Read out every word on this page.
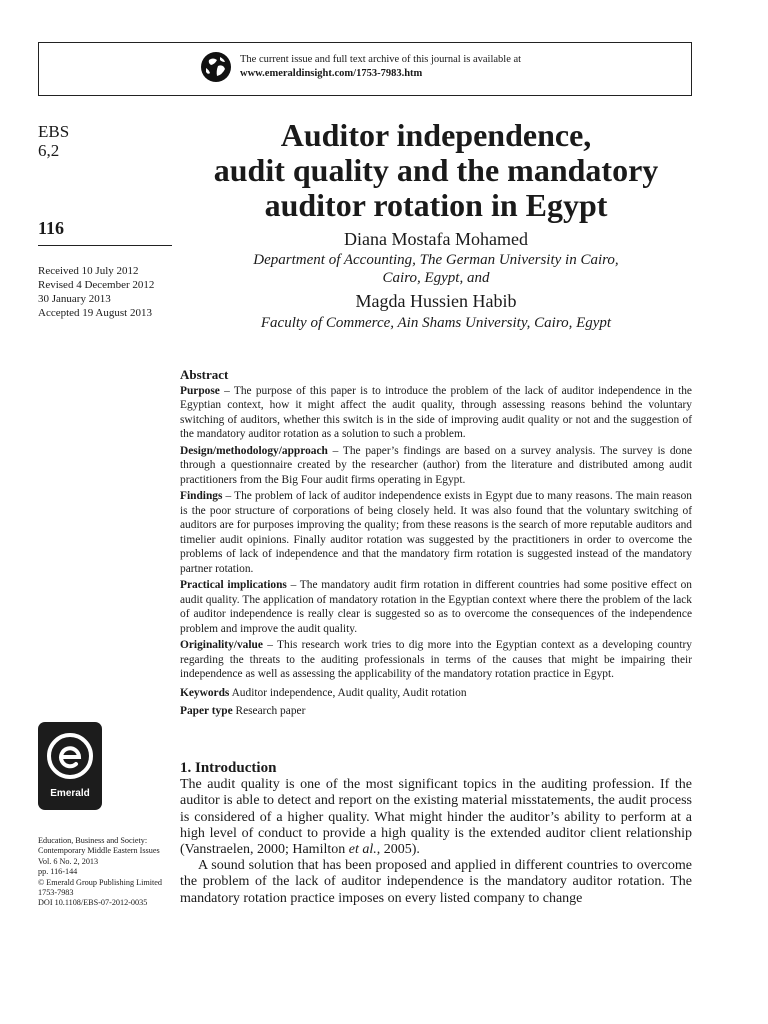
The current issue and full text archive of this journal is available at
www.emeraldinsight.com/1753-7983.htm
EBS
6,2
116
Received 10 July 2012
Revised 4 December 2012
30 January 2013
Accepted 19 August 2013
Auditor independence,
audit quality and the mandatory
auditor rotation in Egypt
Diana Mostafa Mohamed
Department of Accounting, The German University in Cairo,
Cairo, Egypt, and
Magda Hussien Habib
Faculty of Commerce, Ain Shams University, Cairo, Egypt
Abstract

Purpose – The purpose of this paper is to introduce the problem of the lack of auditor independence in the Egyptian context, how it might affect the audit quality, through assessing reasons behind the voluntary switching of auditors, whether this switch is in the side of improving audit quality or not and the suggestion of the mandatory auditor rotation as a solution to such a problem.

Design/methodology/approach – The paper’s findings are based on a survey analysis. The survey is done through a questionnaire created by the researcher (author) from the literature and distributed among audit practitioners from the Big Four audit firms operating in Egypt.

Findings – The problem of lack of auditor independence exists in Egypt due to many reasons. The main reason is the poor structure of corporations of being closely held. It was also found that the voluntary switching of auditors are for purposes improving the quality; from these reasons is the search of more reputable auditors and timelier audit opinions. Finally auditor rotation was suggested by the practitioners in order to overcome the problems of lack of independence and that the mandatory firm rotation is suggested instead of the mandatory partner rotation.

Practical implications – The mandatory audit firm rotation in different countries had some positive effect on audit quality. The application of mandatory rotation in the Egyptian context where there the problem of the lack of auditor independence is really clear is suggested so as to overcome the consequences of the independence problem and improve the audit quality.

Originality/value – This research work tries to dig more into the Egyptian context as a developing country regarding the threats to the auditing professionals in terms of the causes that might be impairing their independence as well as assessing the applicability of the mandatory rotation practice in Egypt.

Keywords Auditor independence, Audit quality, Audit rotation

Paper type Research paper

Emerald
Education, Business and Society:
Contemporary Middle Eastern Issues
Vol. 6 No. 2, 2013
pp. 116-144
© Emerald Group Publishing Limited
1753-7983
DOI 10.1108/EBS-07-2012-0035
1. Introduction

The audit quality is one of the most significant topics in the auditing profession. If the auditor is able to detect and report on the existing material misstatements, the audit process is considered of a higher quality. What might hinder the auditor’s ability to perform at a high level of conduct to provide a high quality is the extended auditor client relationship (Vanstraelen, 2000; Hamilton et al., 2005).

A sound solution that has been proposed and applied in different countries to overcome the problem of the lack of auditor independence is the mandatory auditor rotation. The mandatory rotation practice imposes on every listed company to change
